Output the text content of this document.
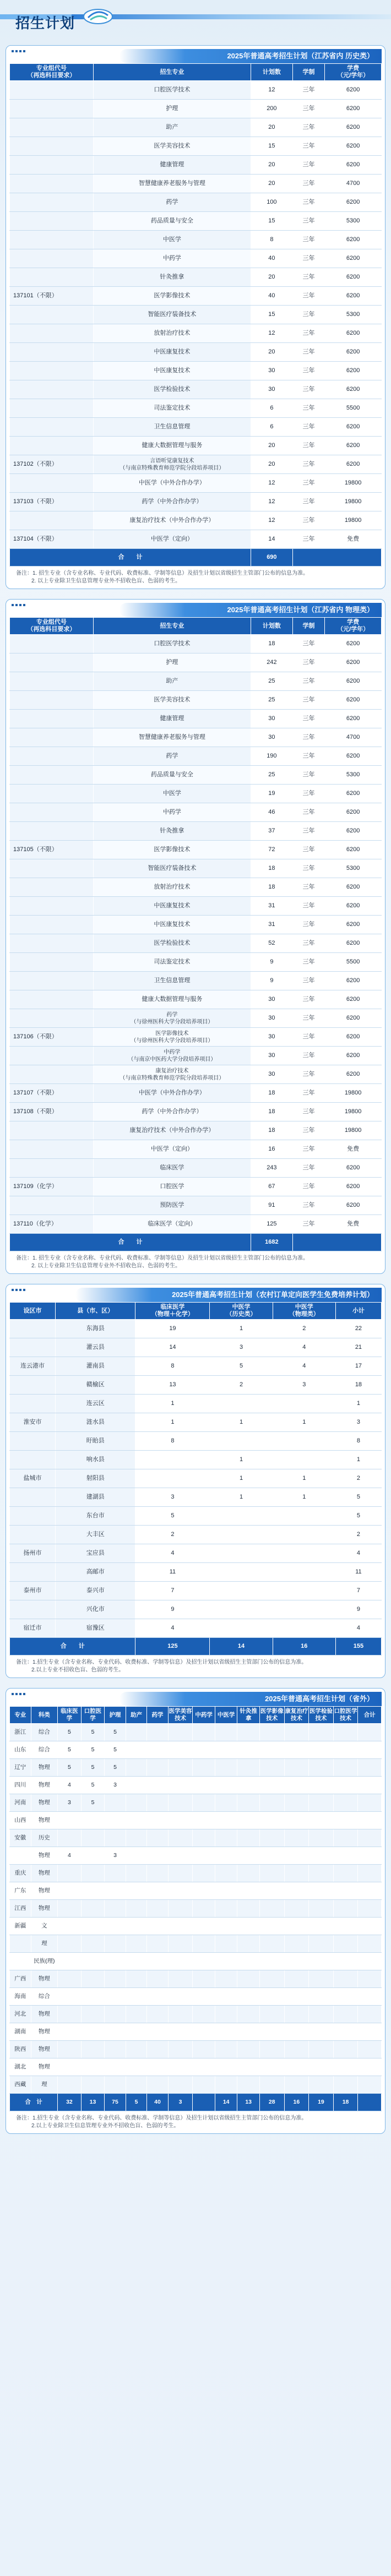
招生计划
2025年普通高考招生计划（江苏省内 历史类）
专业组代号
（再选科目要求）	招生专业	计划数	学制	学费
（元/学年）
	口腔医学技术	12	三年	6200
	护理	200	三年	6200
	助产	20	三年	6200
	医学美容技术	15	三年	6200
	健康管理	20	三年	6200
	智慧健康养老服务与管理	20	三年	4700
	药学	100	三年	6200
	药品质量与安全	15	三年	5300
	中医学	8	三年	6200
	中药学	40	三年	6200
	针灸推拿	20	三年	6200
137101（不限）	医学影像技术	40	三年	6200
	智能医疗装备技术	15	三年	5300
	放射治疗技术	12	三年	6200
	中医康复技术	20	三年	6200
	中医康复技术	30	三年	6200
	医学检验技术	30	三年	6200
	司法鉴定技术	6	三年	5500
	卫生信息管理	6	三年	6200
	健康大数据管理与服务	20	三年	6200
137102（不限）	言语听觉康复技术
（与南京特殊教育师范学院分段培养项目）	20	三年	6200
	中医学（中外合作办学）	12	三年	19800
137103（不限）	药学（中外合作办学）	12	三年	19800
	康复治疗技术（中外合作办学）	12	三年	19800
137104（不限）	中医学（定向）	14	三年	免费
合　　计		690		
备注：1. 招生专业（含专业名称、专业代码、收费标准、学制等信息）及招生计划以省级招生主管部门公布的信息为准。
2. 以上专业除卫生信息管理专业外不招收色盲、色弱的考生。
2025年普通高考招生计划（江苏省内 物理类）
专业组代号
（再选科目要求）	招生专业	计划数	学制	学费
（元/学年）
	口腔医学技术	18	三年	6200
	护理	242	三年	6200
	助产	25	三年	6200
	医学美容技术	25	三年	6200
	健康管理	30	三年	6200
	智慧健康养老服务与管理	30	三年	4700
	药学	190	三年	6200
	药品质量与安全	25	三年	5300
	中医学	19	三年	6200
	中药学	46	三年	6200
	针灸推拿	37	三年	6200
137105（不限）	医学影像技术	72	三年	6200
	智能医疗装备技术	18	三年	5300
	放射治疗技术	18	三年	6200
	中医康复技术	31	三年	6200
	中医康复技术	31	三年	6200
	医学检验技术	52	三年	6200
	司法鉴定技术	9	三年	5500
	卫生信息管理	9	三年	6200
	健康大数据管理与服务	30	三年	6200
	药学
（与徐州医科大学分段培养项目）	30	三年	6200
137106（不限）	医学影像技术
（与徐州医科大学分段培养项目）	30	三年	6200
	中药学
（与南京中医药大学分段培养项目）	30	三年	6200
	康复治疗技术
（与南京特殊教育师范学院分段培养项目）	30	三年	6200
137107（不限）	中医学（中外合作办学）	18	三年	19800
137108（不限）	药学（中外合作办学）	18	三年	19800
	康复治疗技术（中外合作办学）	18	三年	19800
	中医学（定向）	16	三年	免费
	临床医学	243	三年	6200
137109（化学）	口腔医学	67	三年	6200
	预防医学	91	三年	6200
137110（化学）	临床医学（定向）	125	三年	免费
合　　计		1682		
备注：1. 招生专业（含专业名称、专业代码、收费标准、学制等信息）及招生计划以省级招生主管部门公布的信息为准。
2. 以上专业除卫生信息管理专业外不招收色盲、色弱的考生。
2025年普通高考招生计划（农村订单定向医学生免费培养计划）
设区市	县（市、区）	临床医学
（物理＋化学）	中医学
（历史类）	中医学
（物理类）	小计
	东海县	19	1	2	22
	灌云县	14	3	4	21
连云港市	灌南县	8	5	4	17
	赣榆区	13	2	3	18
	连云区	1			1
淮安市	涟水县	1	1	1	3
	盱眙县	8			8
	响水县		1		1
盐城市	射阳县		1	1	2
	建湖县	3	1	1	5
	东台市	5			5
	大丰区	2			2
扬州市	宝应县	4			4
	高邮市	11			11
泰州市	泰兴市	7			7
	兴化市	9			9
宿迁市	宿豫区	4			4
合　　计		125	14	16	155
备注：1.招生专业（含专业名称、专业代码、收费标准、学制等信息）及招生计划以省级招生主管部门公布的信息为准。
2.以上专业不招收色盲、色弱的考生。
2025年普通高考招生计划（省外）
专业	科类	临床医学	口腔医学	护理	助产	药学	医学美容技术	中药学	中医学	针灸推拿	医学影像技术	康复治疗技术	医学检验技术	口腔医学技术	合计
浙江	综合	5	5	5											
山东	综合	5	5	5											
辽宁	物理	5	5	5											
四川	物理	4	5	3											
河南	物理	3	5												
山西	物理														
安徽	历史														
	物理	4		3											
重庆	物理														
广东	物理														
江西	物理														
新疆	文														
	理														
	民族(理)														
广西	物理														
海南	综合														
河北	物理														
湖南	物理														
陕西	物理														
湖北	物理														
西藏	理														
合　计		32	13	75	5	40	3		14	13	28	16	19	18	
备注：1.招生专业（含专业名称、专业代码、收费标准、学制等信息）及招生计划以省级招生主管部门公布的信息为准。
2.以上专业除卫生信息管理专业外不招收色盲、色弱的考生。
